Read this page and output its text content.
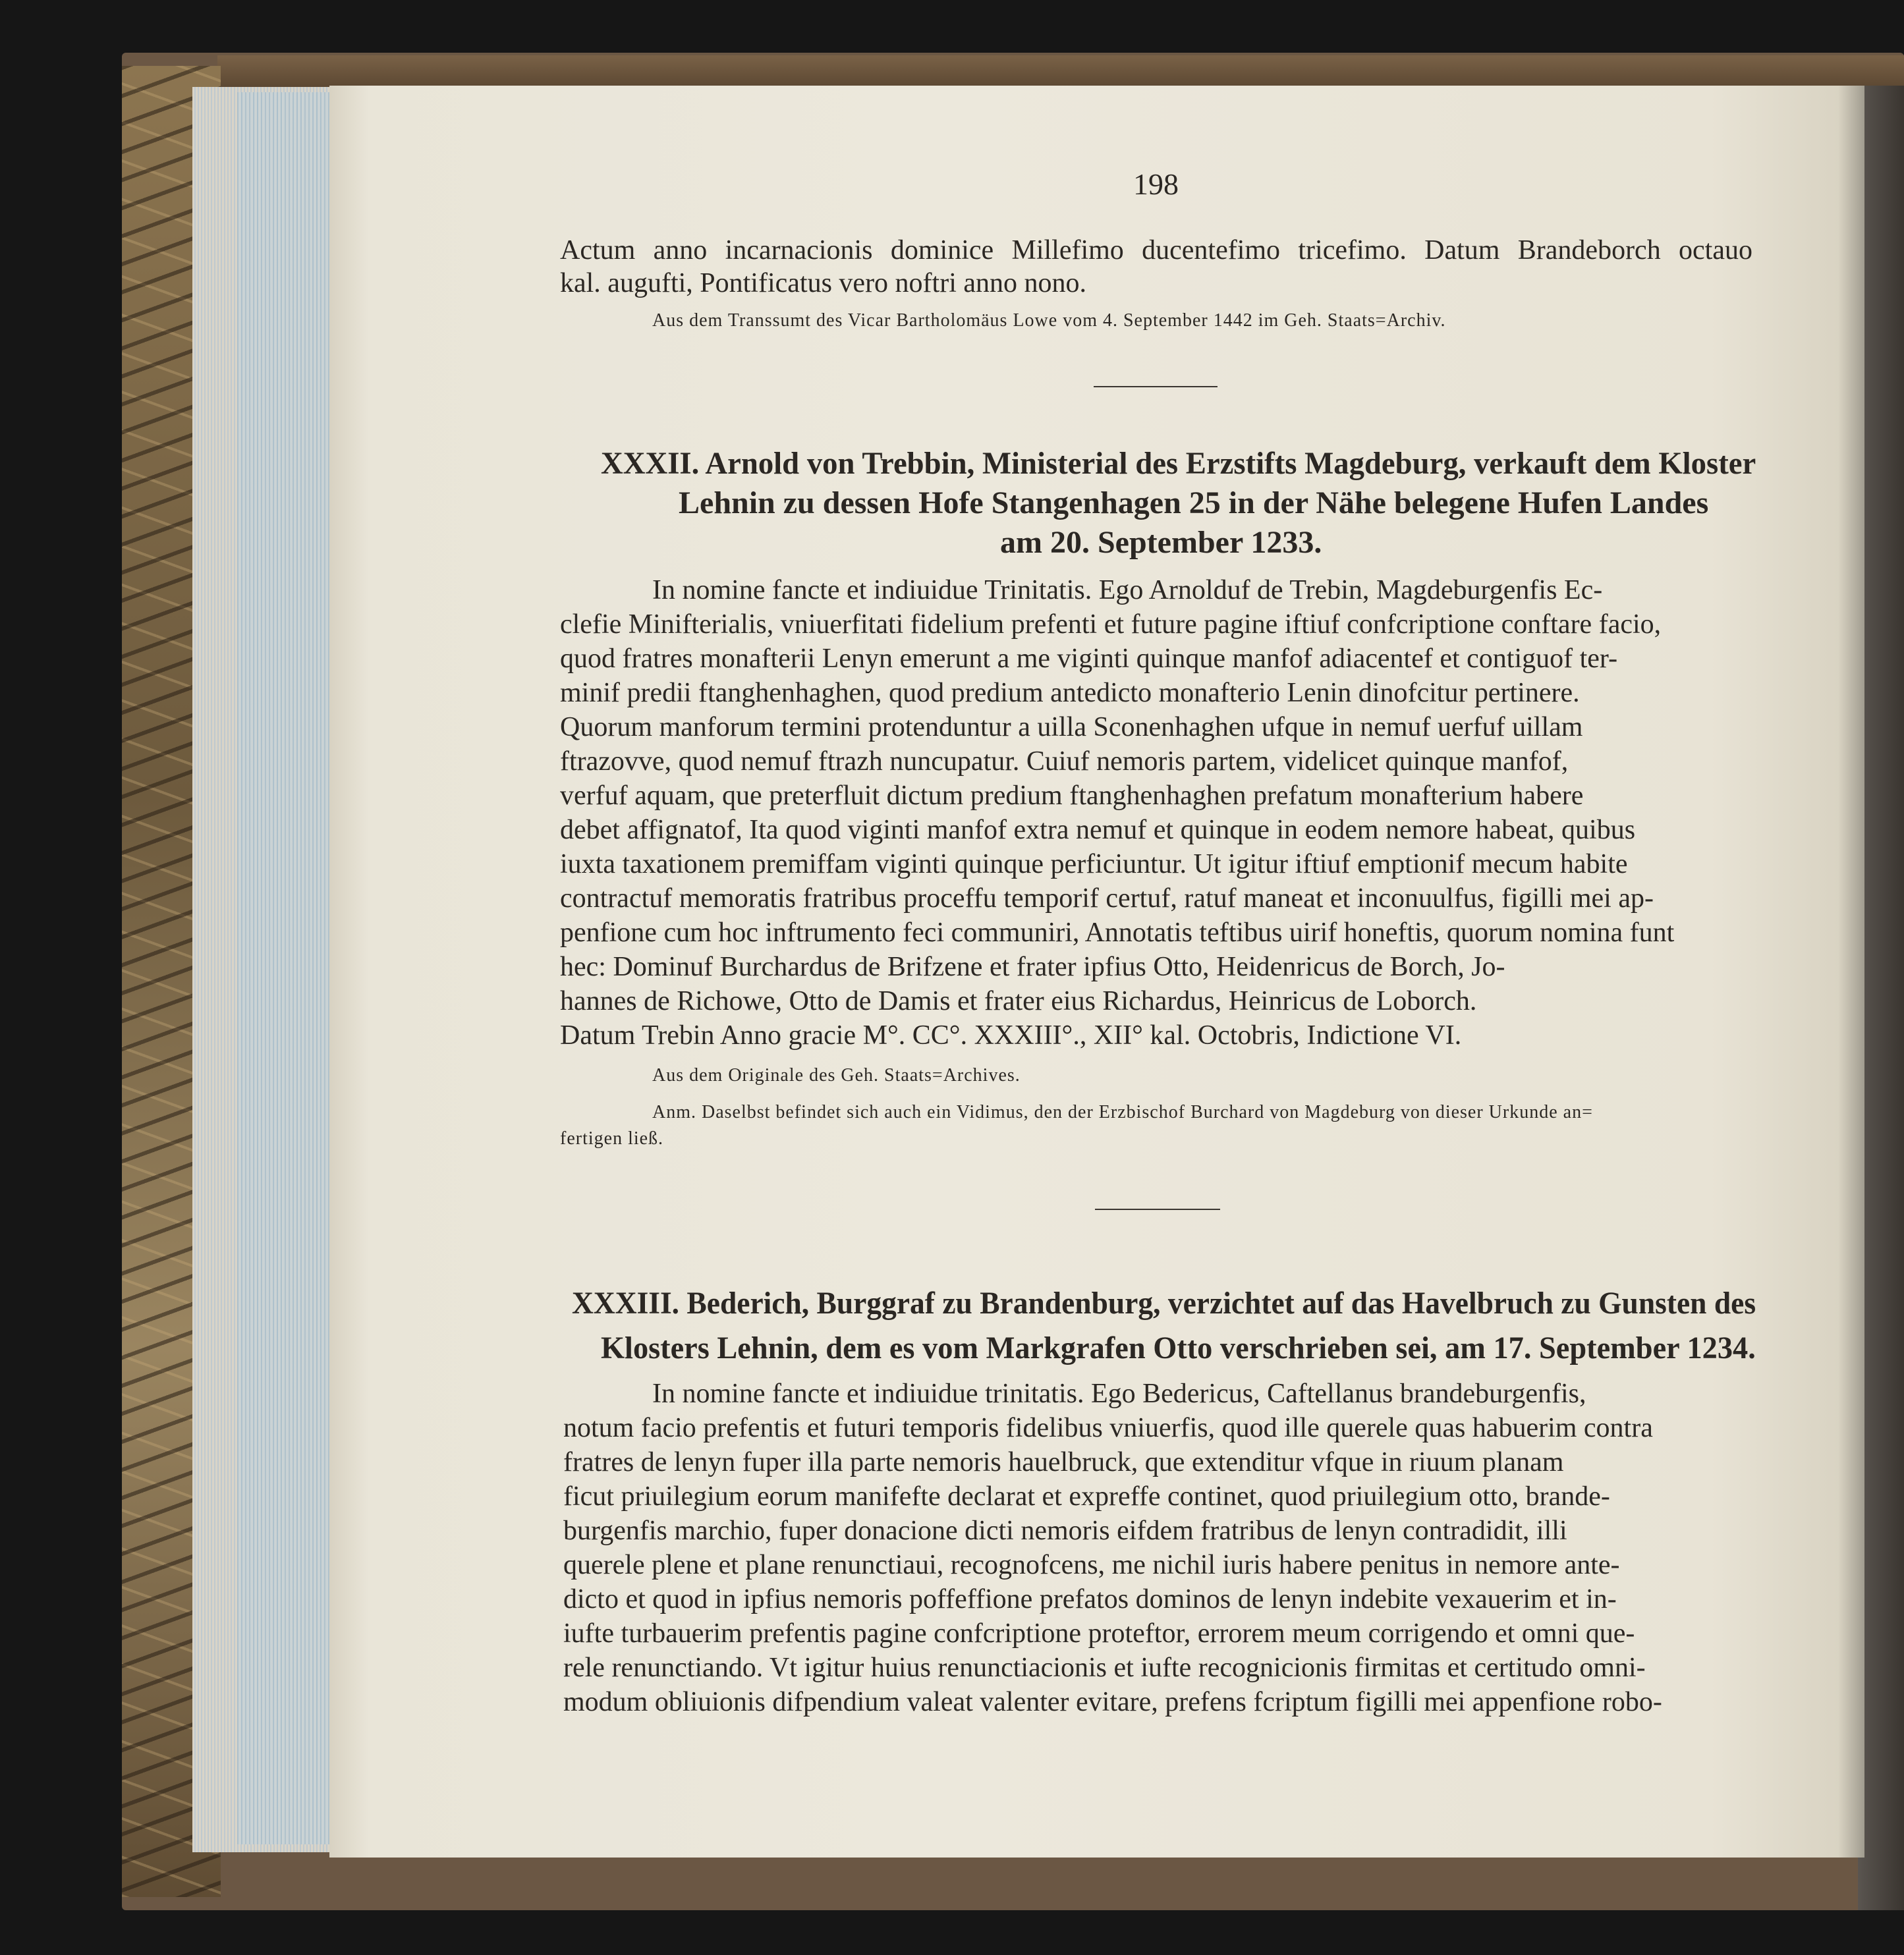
198
Actum anno incarnacionis dominice Millefimo ducentefimo tricefimo. Datum Brandeborch octauo
kal. augufti, Pontificatus vero noftri anno nono.
Aus dem Transsumt des Vicar Bartholomäus Lowe vom 4. September 1442 im Geh. Staats=Archiv.
XXXII. Arnold von Trebbin, Ministerial des Erzstifts Magdeburg, verkauft dem Kloster
Lehnin zu dessen Hofe Stangenhagen 25 in der Nähe belegene Hufen Landes
am 20. September 1233.
In nomine fancte et indiuidue Trinitatis. Ego Arnolduf de Trebin, Magdeburgenfis Ec-
clefie Minifterialis, vniuerfitati fidelium prefenti et future pagine iftiuf confcriptione conftare facio,
quod fratres monafterii Lenyn emerunt a me viginti quinque manfof adiacentef et contiguof ter-
minif predii ftanghenhaghen, quod predium antedicto monafterio Lenin dinofcitur pertinere.
Quorum manforum termini protenduntur a uilla Sconenhaghen ufque in nemuf uerfuf uillam
ftrazovve, quod nemuf ftrazh nuncupatur. Cuiuf nemoris partem, videlicet quinque manfof,
verfuf aquam, que preterfluit dictum predium ftanghenhaghen prefatum monafterium habere
debet affignatof, Ita quod viginti manfof extra nemuf et quinque in eodem nemore habeat, quibus
iuxta taxationem premiffam viginti quinque perficiuntur. Ut igitur iftiuf emptionif mecum habite
contractuf memoratis fratribus proceffu temporif certuf, ratuf maneat et inconuulfus, figilli mei ap-
penfione cum hoc inftrumento feci communiri, Annotatis teftibus uirif honeftis, quorum nomina funt
hec: Dominuf Burchardus de Brifzene et frater ipfius Otto, Heidenricus de Borch, Jo-
hannes de Richowe, Otto de Damis et frater eius Richardus, Heinricus de Loborch.
Datum Trebin Anno gracie M°. CC°. XXXIII°., XII° kal. Octobris, Indictione VI.
Aus dem Originale des Geh. Staats=Archives.
Anm. Daselbst befindet sich auch ein Vidimus, den der Erzbischof Burchard von Magdeburg von dieser Urkunde an=
fertigen ließ.
XXXIII. Bederich, Burggraf zu Brandenburg, verzichtet auf das Havelbruch zu Gunsten des
Klosters Lehnin, dem es vom Markgrafen Otto verschrieben sei, am 17. September 1234.
In nomine fancte et indiuidue trinitatis. Ego Bedericus, Caftellanus brandeburgenfis,
notum facio prefentis et futuri temporis fidelibus vniuerfis, quod ille querele quas habuerim contra
fratres de lenyn fuper illa parte nemoris hauelbruck, que extenditur vfque in riuum planam
ficut priuilegium eorum manifefte declarat et expreffe continet, quod priuilegium otto, brande-
burgenfis marchio, fuper donacione dicti nemoris eifdem fratribus de lenyn contradidit, illi
querele plene et plane renunctiaui, recognofcens, me nichil iuris habere penitus in nemore ante-
dicto et quod in ipfius nemoris poffeffione prefatos dominos de lenyn indebite vexauerim et in-
iufte turbauerim prefentis pagine confcriptione proteftor, errorem meum corrigendo et omni que-
rele renunctiando. Vt igitur huius renunctiacionis et iufte recognicionis firmitas et certitudo omni-
modum obliuionis difpendium valeat valenter evitare, prefens fcriptum figilli mei appenfione robo-
